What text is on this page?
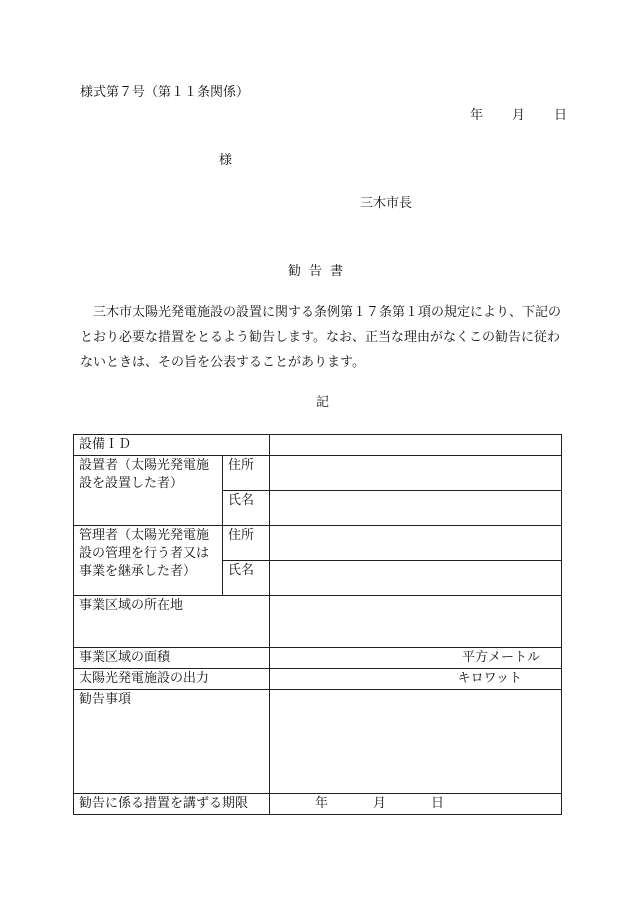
様式第７号（第１１条関係）
年 月 日
様
三木市長
勧告書
　三木市太陽光発電施設の設置に関する条例第１７条第１項の規定により、下記のとおり必要な措置をとるよう勧告します。なお、正当な理由がなくこの勧告に従わないときは、その旨を公表することがあります。
記
設備ＩＤ		
設置者（太陽光発電施設を設置した者）	住所	
	氏名	
管理者（太陽光発電施設の管理を行う者又は事業を継承した者）	住所	
	氏名	
事業区域の所在地		
事業区域の面積		平方メートル

太陽光発電施設の出力		キロワット

勧告事項		
勧告に係る措置を講ずる期限		年 月 日
